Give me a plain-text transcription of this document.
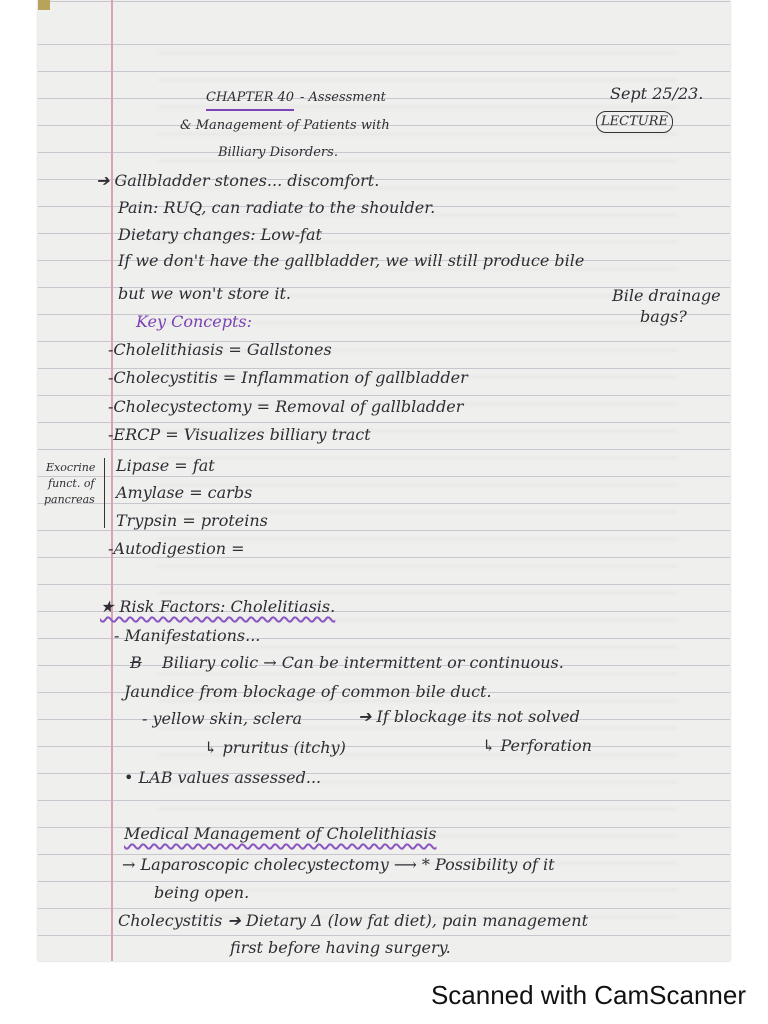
CHAPTER 40 - Assessment
& Management of Patients with
Billiary Disorders.
Sept 25/23.
LECTURE
➔ Gallbladder stones... discomfort.
Pain: RUQ, can radiate to the shoulder.
Dietary changes: Low-fat
If we don't have the gallbladder, we will still produce bile
but we won't store it.	Bile drainage
bags?
Key Concepts:
-Cholelithiasis = Gallstones
-Cholecystitis = Inflammation of gallbladder
-Cholecystectomy = Removal of gallbladder
-ERCP = Visualizes billiary tract
Exocrine
funct. of
pancreas
Lipase = fat
Amylase = carbs
Trypsin = proteins
-Autodigestion =
★ Risk Factors: Cholelitiasis.
- Manifestations...
B Biliary colic → Can be intermittent or continuous.
Jaundice from blockage of common bile duct.
- yellow skin, sclera	➔ If blockage its not solved
↳ pruritus (itchy)	↳ Perforation
• LAB values assessed...
Medical Management of Cholelithiasis
→ Laparoscopic cholecystectomy ⟶ * Possibility of it
being open.
Cholecystitis ➔ Dietary Δ (low fat diet), pain management
first before having surgery.
Scanned with CamScanner
